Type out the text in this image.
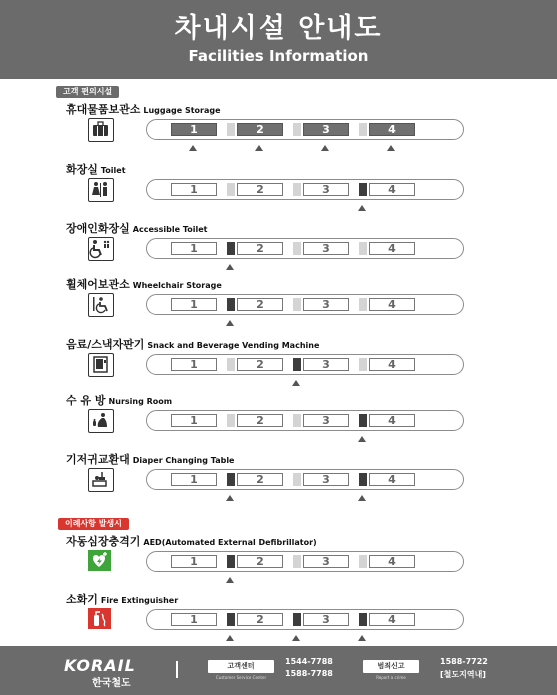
차내시설 안내도
Facilities Information
고객 편의시설
이례사항 발생시
휴대물품보관소 Luggage Storage
1	2	3	4
화장실 Toilet
1	2	3	4
장애인화장실 Accessible Toilet
1	2	3	4
휠체어보관소 Wheelchair Storage
1	2	3	4
음료/스낵자판기 Snack and Beverage Vending Machine
1	2	3	4
수 유 방 Nursing Room
1	2	3	4
기저귀교환대 Diaper Changing Table
1	2	3	4
자동심장충격기 AED(Automated External Defibrillator)
1	2	3	4
소화기 Fire Extinguisher
1	2	3	4
KORAIL
한국철도
고객센터
Customer Service Center
1544-7788
1588-7788
범죄신고
Report a crime
1588-7722
[철도지역내]
